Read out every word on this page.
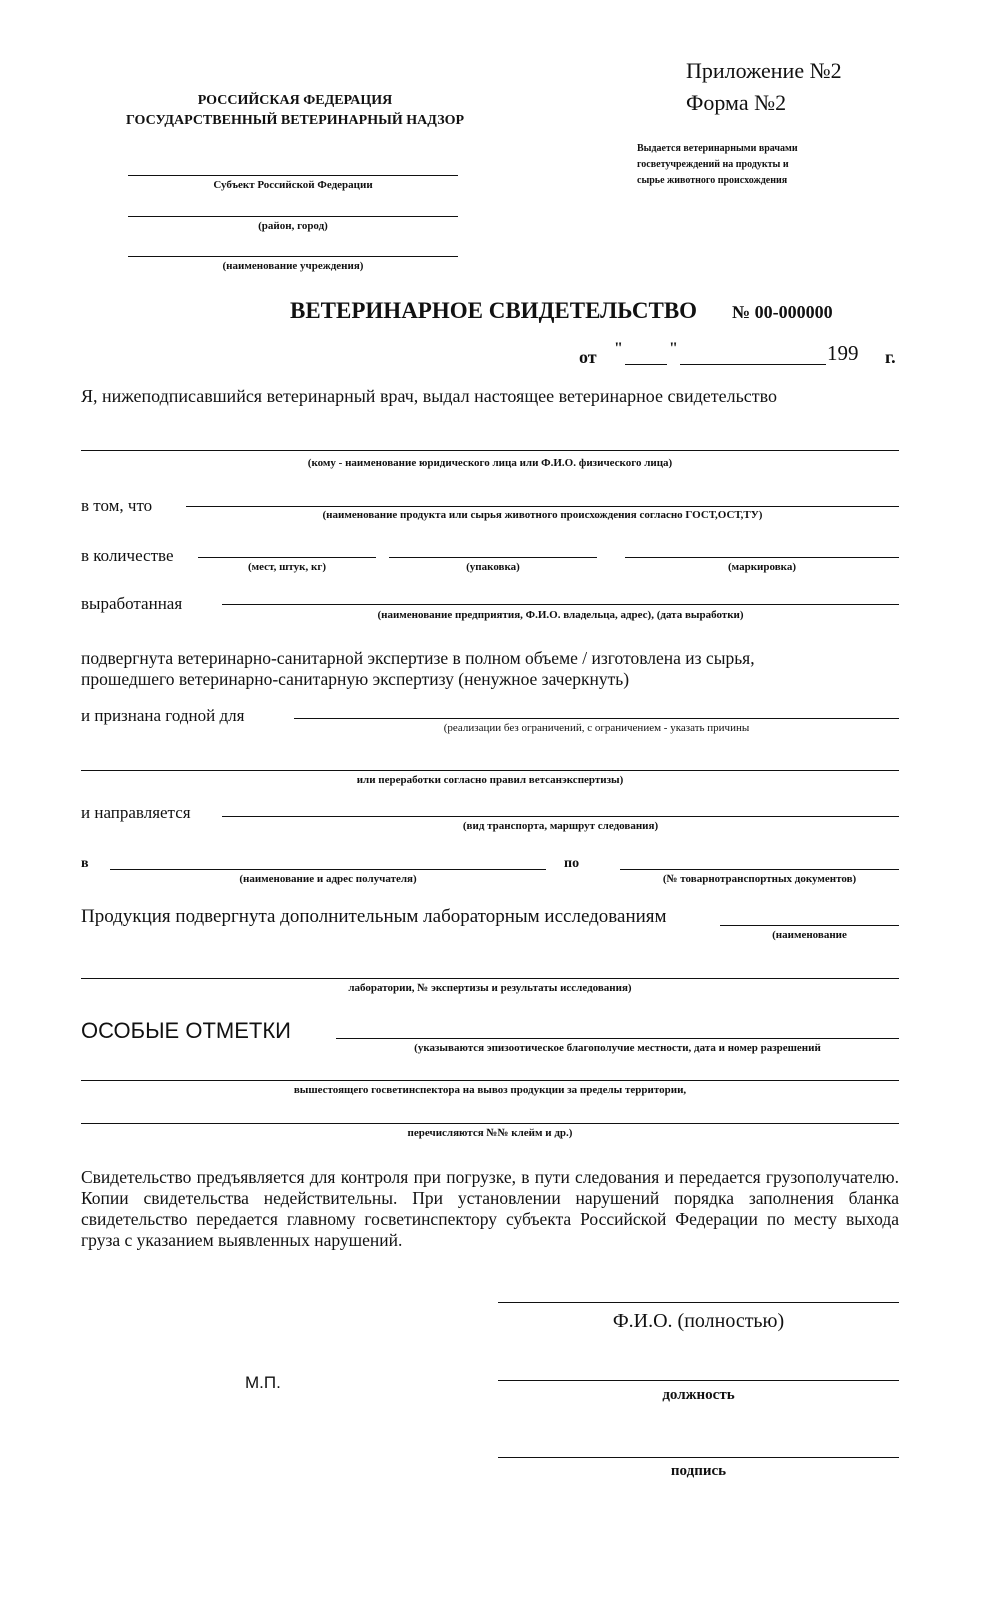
Приложение №2
Форма №2
Выдается ветеринарными врачами
госветучреждений на продукты и
сырье животного происхождения
РОССИЙСКАЯ ФЕДЕРАЦИЯ
ГОСУДАРСТВЕННЫЙ ВЕТЕРИНАРНЫЙ НАДЗОР
Субъект Российской Федерации
(район, город)
(наименование учреждения)
ВЕТЕРИНАРНОЕ СВИДЕТЕЛЬСТВО № 00-000000
от "	"	199 г.
Я, нижеподписавшийся ветеринарный врач, выдал настоящее ветеринарное свидетельство
(кому - наименование юридического лица или Ф.И.О. физического лица)
в том, что	(наименование продукта или сырья животного происхождения согласно ГОСТ,ОСТ,ТУ)
в количестве
(мест, штук, кг)	(упаковка)	(маркировка)
выработанная
(наименование предприятия, Ф.И.О. владельца, адрес), (дата выработки)
подвергнута ветеринарно-санитарной экспертизе в полном объеме / изготовлена из сырья,
прошедшего ветеринарно-санитарную экспертизу (ненужное зачеркнуть)
и признана годной для
(реализации без ограничений, с ограничением - указать причины
или переработки согласно правил ветсанэкспертизы)
и направляется
(вид транспорта, маршрут следования)
в
(наименование и адрес получателя)
по
(№ товарнотранспортных документов)
Продукция подвергнута дополнительным лабораторным исследованиям
(наименование
лаборатории, № экспертизы и результаты исследования)
ОСОБЫЕ ОТМЕТКИ
(указываются эпизоотическое благополучие местности, дата и номер разрешений
вышестоящего госветинспектора на вывоз продукции за пределы территории,
перечисляются №№ клейм и др.)
Свидетельство предъявляется для контроля при погрузке, в пути следования и передается грузополучателю. Копии свидетельства недействительны. При установлении нарушений порядка заполнения бланка свидетельство передается главному госветинспектору субъекта Российской Федерации по месту выхода груза с указанием выявленных нарушений.
Ф.И.О. (полностью)
М.П.
должность
подпись
